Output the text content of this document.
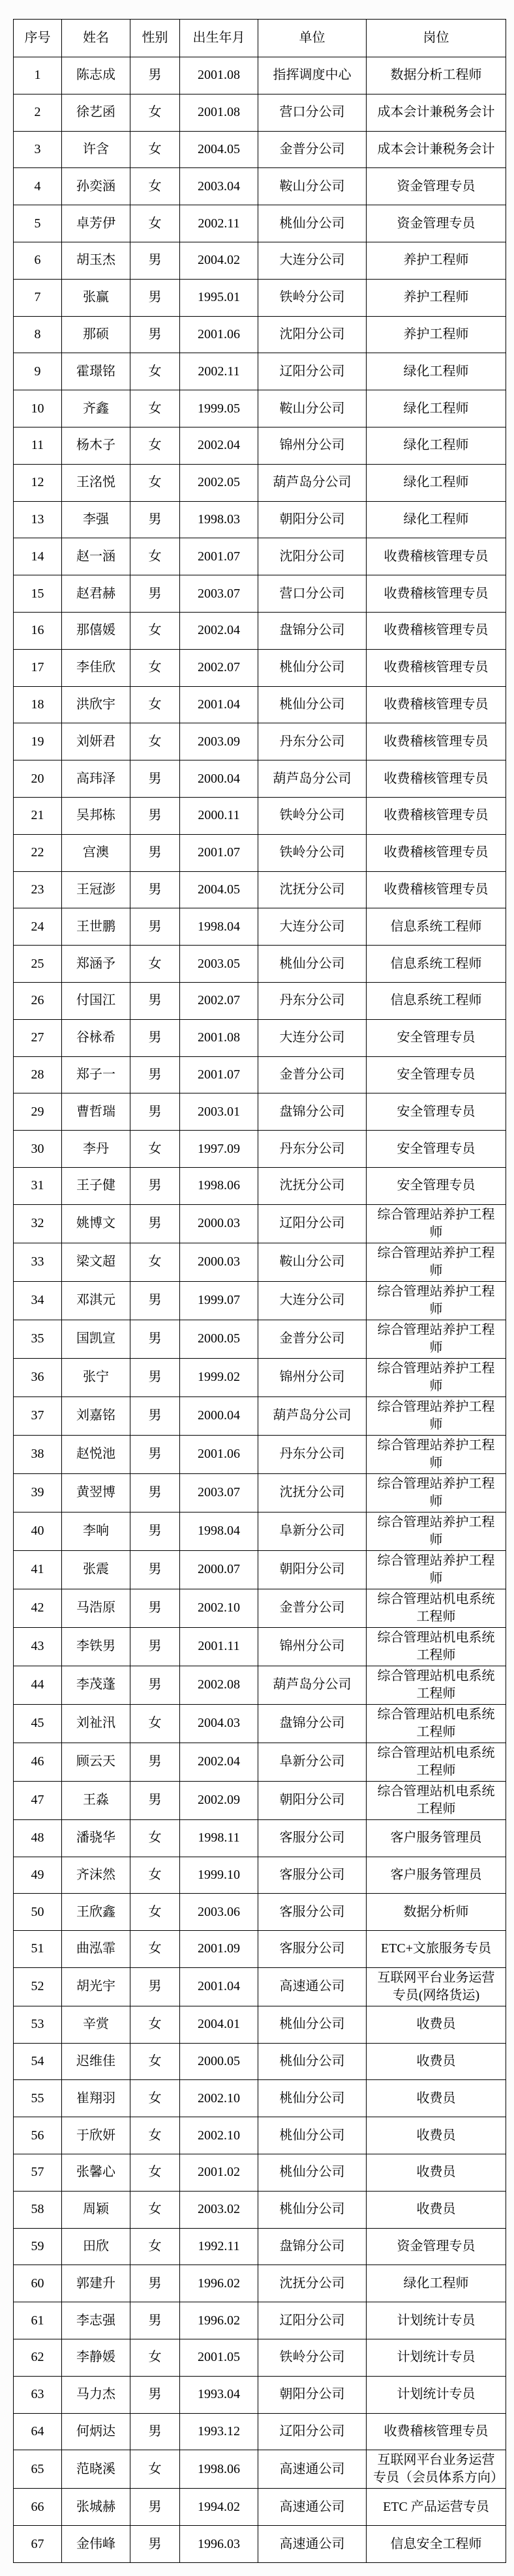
序号	姓名	性别	出生年月	单位	岗位
1	陈志成	男	2001.08	指挥调度中心	数据分析工程师
2	徐艺函	女	2001.08	营口分公司	成本会计兼税务会计
3	许含	女	2004.05	金普分公司	成本会计兼税务会计
4	孙奕涵	女	2003.04	鞍山分公司	资金管理专员
5	卓芳伊	女	2002.11	桃仙分公司	资金管理专员
6	胡玉杰	男	2004.02	大连分公司	养护工程师
7	张赢	男	1995.01	铁岭分公司	养护工程师
8	那硕	男	2001.06	沈阳分公司	养护工程师
9	霍璟铭	女	2002.11	辽阳分公司	绿化工程师
10	齐鑫	女	1999.05	鞍山分公司	绿化工程师
11	杨木子	女	2002.04	锦州分公司	绿化工程师
12	王洺悦	女	2002.05	葫芦岛分公司	绿化工程师
13	李强	男	1998.03	朝阳分公司	绿化工程师
14	赵一涵	女	2001.07	沈阳分公司	收费稽核管理专员
15	赵君赫	男	2003.07	营口分公司	收费稽核管理专员
16	那僖媛	女	2002.04	盘锦分公司	收费稽核管理专员
17	李佳欣	女	2002.07	桃仙分公司	收费稽核管理专员
18	洪欣宇	女	2001.04	桃仙分公司	收费稽核管理专员
19	刘妍君	女	2003.09	丹东分公司	收费稽核管理专员
20	高玮泽	男	2000.04	葫芦岛分公司	收费稽核管理专员
21	吴邦栋	男	2000.11	铁岭分公司	收费稽核管理专员
22	宫澳	男	2001.07	铁岭分公司	收费稽核管理专员
23	王冠澎	男	2004.05	沈抚分公司	收费稽核管理专员
24	王世鹏	男	1998.04	大连分公司	信息系统工程师
25	郑涵予	女	2003.05	桃仙分公司	信息系统工程师
26	付国江	男	2002.07	丹东分公司	信息系统工程师
27	谷栐希	男	2001.08	大连分公司	安全管理专员
28	郑子一	男	2001.07	金普分公司	安全管理专员
29	曹哲瑞	男	2003.01	盘锦分公司	安全管理专员
30	李丹	女	1997.09	丹东分公司	安全管理专员
31	王子健	男	1998.06	沈抚分公司	安全管理专员
32	姚博文	男	2000.03	辽阳分公司	综合管理站养护工程师
33	梁文超	女	2000.03	鞍山分公司	综合管理站养护工程师
34	邓淇元	男	1999.07	大连分公司	综合管理站养护工程师
35	国凯宣	男	2000.05	金普分公司	综合管理站养护工程师
36	张宁	男	1999.02	锦州分公司	综合管理站养护工程师
37	刘嘉铭	男	2000.04	葫芦岛分公司	综合管理站养护工程师
38	赵悦池	男	2001.06	丹东分公司	综合管理站养护工程师
39	黄翌博	男	2003.07	沈抚分公司	综合管理站养护工程师
40	李响	男	1998.04	阜新分公司	综合管理站养护工程师
41	张震	男	2000.07	朝阳分公司	综合管理站养护工程师
42	马浩原	男	2002.10	金普分公司	综合管理站机电系统工程师
43	李铁男	男	2001.11	锦州分公司	综合管理站机电系统工程师
44	李茂蓬	男	2002.08	葫芦岛分公司	综合管理站机电系统工程师
45	刘祉汛	女	2004.03	盘锦分公司	综合管理站机电系统工程师
46	顾云天	男	2002.04	阜新分公司	综合管理站机电系统工程师
47	王淼	男	2002.09	朝阳分公司	综合管理站机电系统工程师
48	潘骁华	女	1998.11	客服分公司	客户服务管理员
49	齐沫然	女	1999.10	客服分公司	客户服务管理员
50	王欣鑫	女	2003.06	客服分公司	数据分析师
51	曲泓霏	女	2001.09	客服分公司	ETC+文旅服务专员
52	胡光宇	男	2001.04	高速通公司	互联网平台业务运营专员(网络货运)
53	辛赏	女	2004.01	桃仙分公司	收费员
54	迟维佳	女	2000.05	桃仙分公司	收费员
55	崔翔羽	女	2002.10	桃仙分公司	收费员
56	于欣妍	女	2002.10	桃仙分公司	收费员
57	张馨心	女	2001.02	桃仙分公司	收费员
58	周颖	女	2003.02	桃仙分公司	收费员
59	田欣	女	1992.11	盘锦分公司	资金管理专员
60	郭建升	男	1996.02	沈抚分公司	绿化工程师
61	李志强	男	1996.02	辽阳分公司	计划统计专员
62	李静媛	女	2001.05	铁岭分公司	计划统计专员
63	马力杰	男	1993.04	朝阳分公司	计划统计专员
64	何炳达	男	1993.12	辽阳分公司	收费稽核管理专员
65	范晓溪	女	1998.06	高速通公司	互联网平台业务运营专员（会员体系方向）
66	张城赫	男	1994.02	高速通公司	ETC 产品运营专员
67	金伟峰	男	1996.03	高速通公司	信息安全工程师
